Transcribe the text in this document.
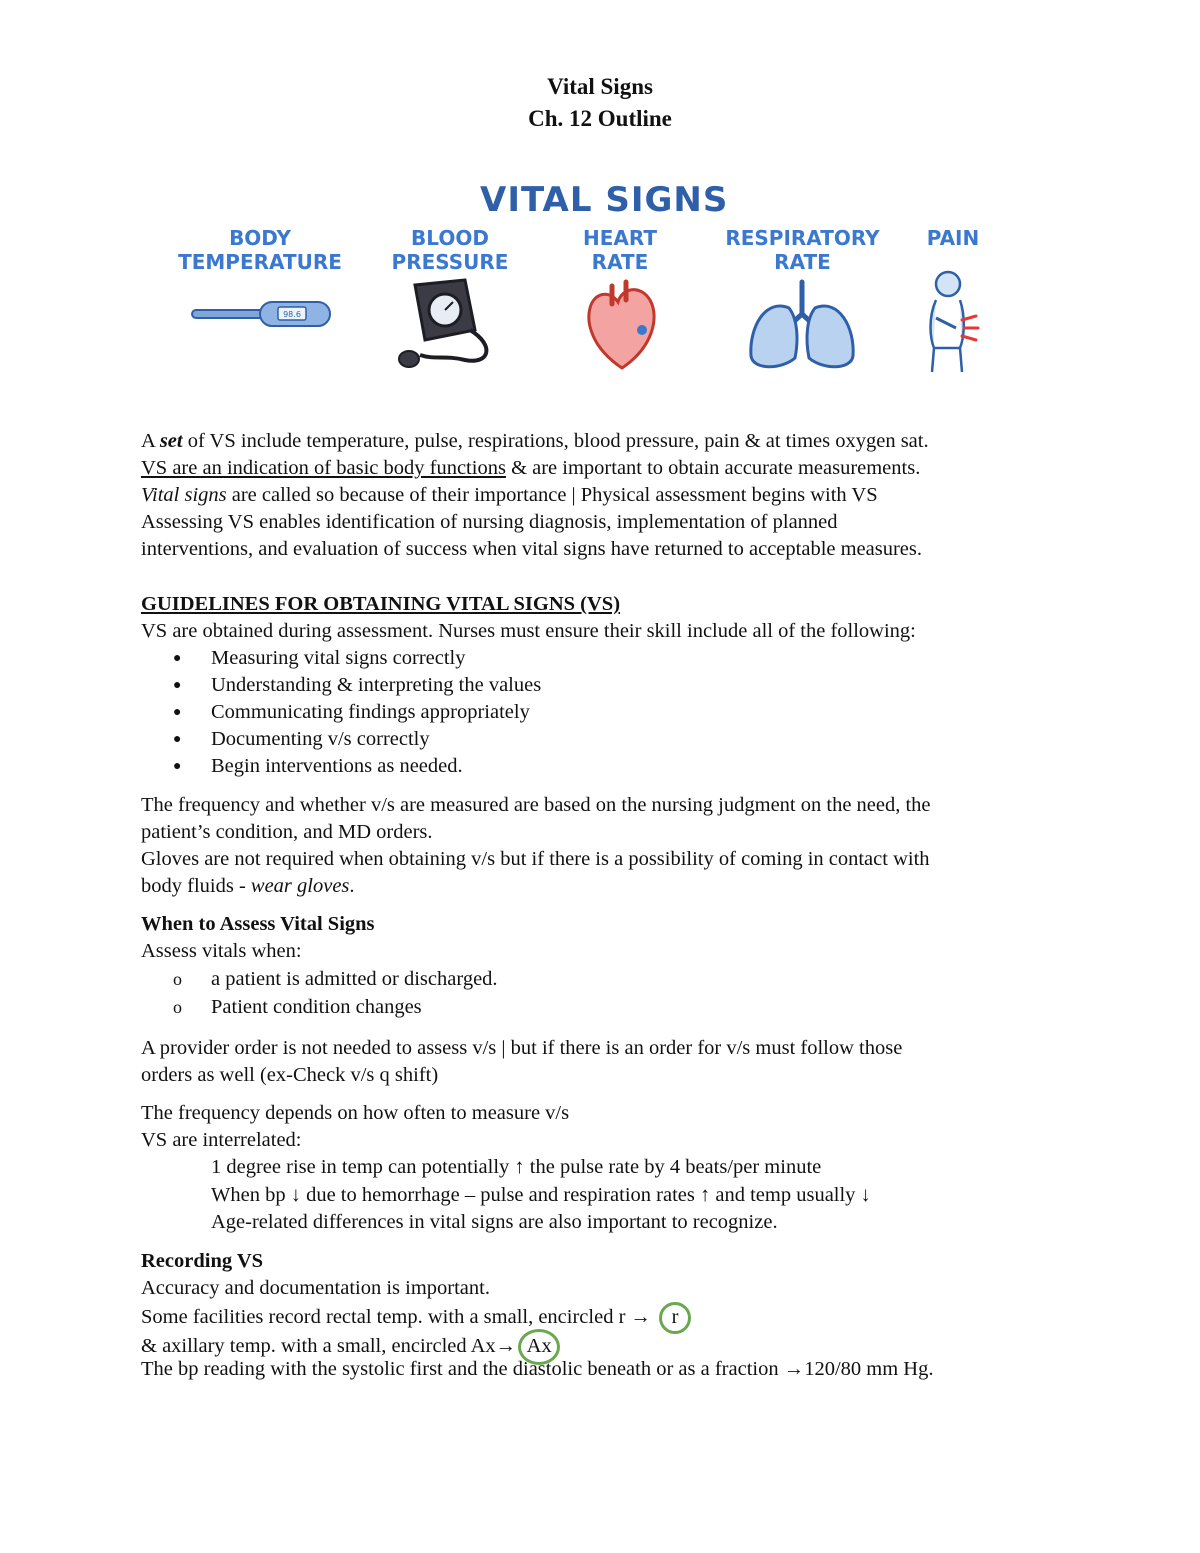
Vital Signs
Ch. 12 Outline
VITAL SIGNS
BODY
TEMPERATURE
BLOOD
PRESSURE
HEART
RATE
RESPIRATORY
RATE
PAIN
98.6
A set of VS include temperature, pulse, respirations, blood pressure, pain & at times oxygen sat.
VS are an indication of basic body functions & are important to obtain accurate measurements.
Vital signs are called so because of their importance | Physical assessment begins with VS
Assessing VS enables identification of nursing diagnosis, implementation of planned
interventions, and evaluation of success when vital signs have returned to acceptable measures.
GUIDELINES FOR OBTAINING VITAL SIGNS (VS)
VS are obtained during assessment. Nurses must ensure their skill include all of the following:
● Measuring vital signs correctly
● Understanding & interpreting the values
● Communicating findings appropriately
● Documenting v/s correctly
● Begin interventions as needed.
The frequency and whether v/s are measured are based on the nursing judgment on the need, the
patient’s condition, and MD orders.
Gloves are not required when obtaining v/s but if there is a possibility of coming in contact with
body fluids - wear gloves.
When to Assess Vital Signs
Assess vitals when:
o a patient is admitted or discharged.
o Patient condition changes
A provider order is not needed to assess v/s | but if there is an order for v/s must follow those
orders as well (ex-Check v/s q shift)
The frequency depends on how often to measure v/s
VS are interrelated:
1 degree rise in temp can potentially ↑ the pulse rate by 4 beats/per minute
When bp ↓ due to hemorrhage – pulse and respiration rates ↑ and temp usually ↓
Age-related differences in vital signs are also important to recognize.
Recording VS
Accuracy and documentation is important.
Some facilities record rectal temp. with a small, encircled r → r
& axillary temp. with a small, encircled Ax→ Ax
The bp reading with the systolic first and the diastolic beneath or as a fraction →120/80 mm Hg.
